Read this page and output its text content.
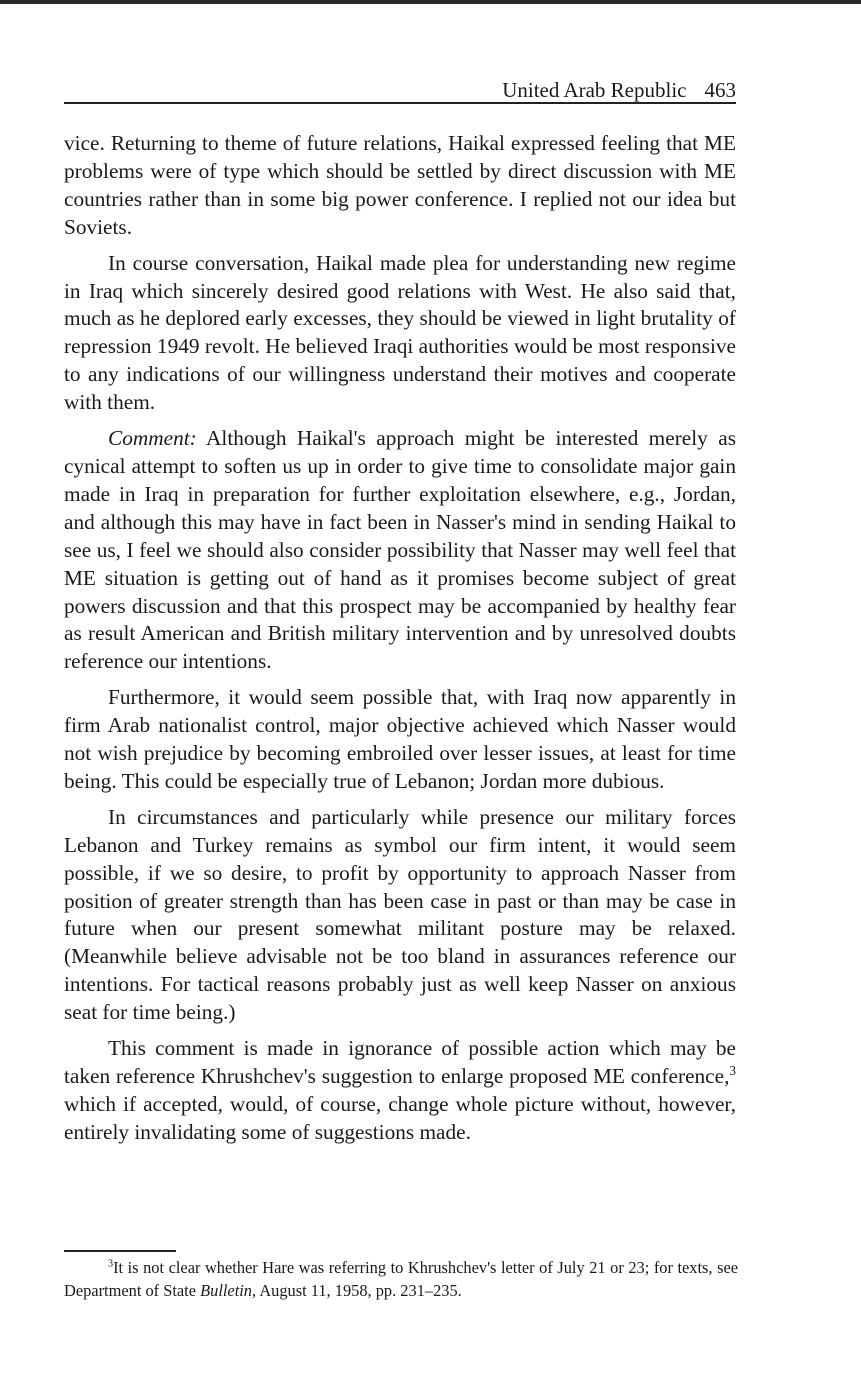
United Arab Republic 463

vice. Returning to theme of future relations, Haikal expressed feeling that ME problems were of type which should be settled by direct discussion with ME countries rather than in some big power conference. I replied not our idea but Soviets.

In course conversation, Haikal made plea for understanding new regime in Iraq which sincerely desired good relations with West. He also said that, much as he deplored early excesses, they should be viewed in light brutality of repression 1949 revolt. He believed Iraqi authorities would be most responsive to any indications of our willingness understand their motives and cooperate with them.

Comment: Although Haikal's approach might be interested merely as cynical attempt to soften us up in order to give time to consolidate major gain made in Iraq in preparation for further exploitation elsewhere, e.g., Jordan, and although this may have in fact been in Nasser's mind in sending Haikal to see us, I feel we should also consider possibility that Nasser may well feel that ME situation is getting out of hand as it promises become subject of great powers discussion and that this prospect may be accompanied by healthy fear as result American and British military intervention and by unresolved doubts reference our intentions.

Furthermore, it would seem possible that, with Iraq now apparently in firm Arab nationalist control, major objective achieved which Nasser would not wish prejudice by becoming embroiled over lesser issues, at least for time being. This could be especially true of Lebanon; Jordan more dubious.

In circumstances and particularly while presence our military forces Lebanon and Turkey remains as symbol our firm intent, it would seem possible, if we so desire, to profit by opportunity to approach Nasser from position of greater strength than has been case in past or than may be case in future when our present somewhat militant posture may be relaxed. (Meanwhile believe advisable not be too bland in assurances reference our intentions. For tactical reasons probably just as well keep Nasser on anxious seat for time being.)

This comment is made in ignorance of possible action which may be taken reference Khrushchev's suggestion to enlarge proposed ME conference,$^3$ which if accepted, would, of course, change whole picture without, however, entirely invalidating some of suggestions made.

$^3$It is not clear whether Hare was referring to Khrushchev's letter of July 21 or 23; for texts, see Department of State Bulletin, August 11, 1958, pp. 231–235.
